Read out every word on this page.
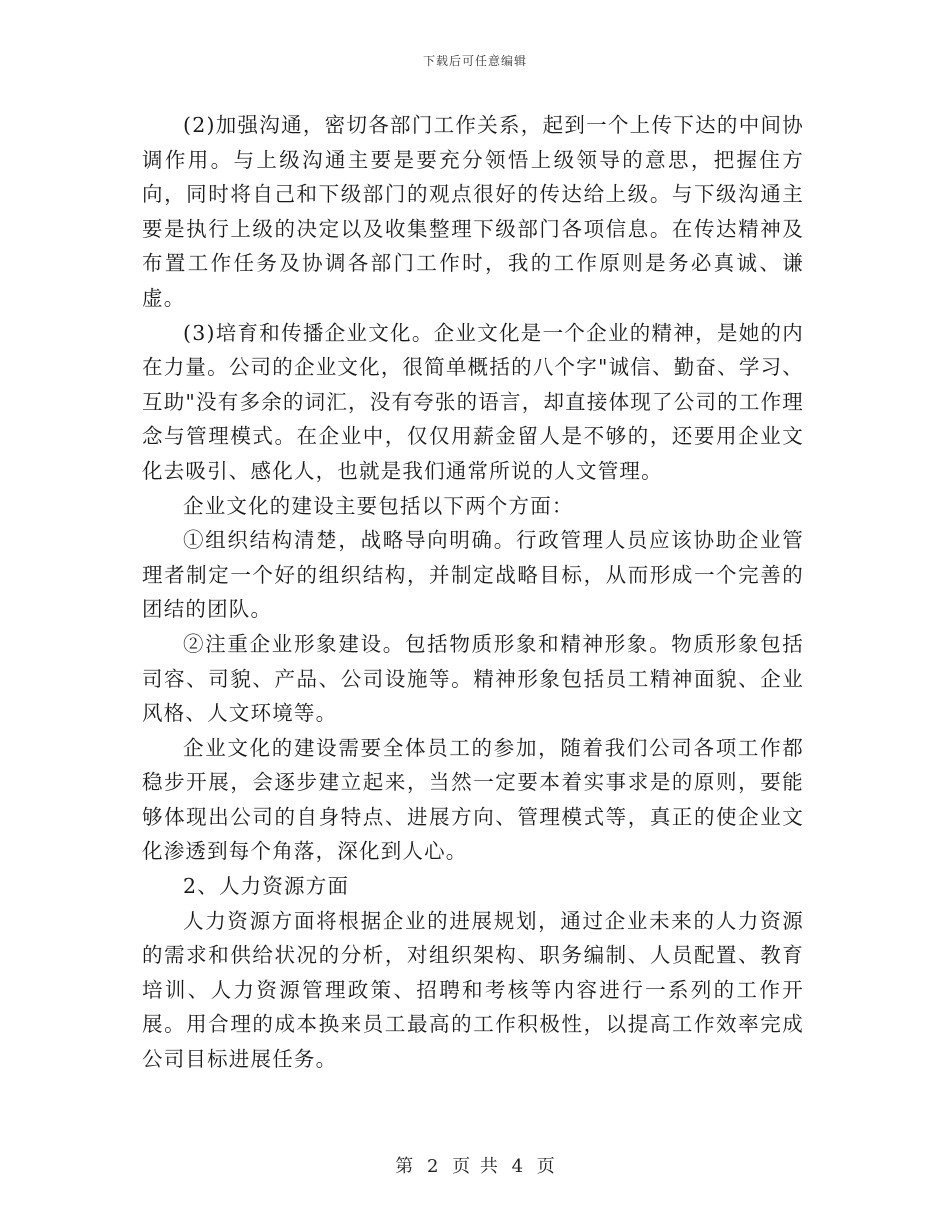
下载后可任意编辑

(2)加强沟通，密切各部门工作关系，起到一个上传下达的中间协调作用。与上级沟通主要是要充分领悟上级领导的意思，把握住方向，同时将自己和下级部门的观点很好的传达给上级。与下级沟通主要是执行上级的决定以及收集整理下级部门各项信息。在传达精神及布置工作任务及协调各部门工作时，我的工作原则是务必真诚、谦虚。

(3)培育和传播企业文化。企业文化是一个企业的精神，是她的内在力量。公司的企业文化，很简单概括的八个字"诚信、勤奋、学习、互助"没有多余的词汇，没有夸张的语言，却直接体现了公司的工作理念与管理模式。在企业中，仅仅用薪金留人是不够的，还要用企业文化去吸引、感化人，也就是我们通常所说的人文管理。

企业文化的建设主要包括以下两个方面：

①组织结构清楚，战略导向明确。行政管理人员应该协助企业管理者制定一个好的组织结构，并制定战略目标，从而形成一个完善的团结的团队。

②注重企业形象建设。包括物质形象和精神形象。物质形象包括司容、司貌、产品、公司设施等。精神形象包括员工精神面貌、企业风格、人文环境等。

企业文化的建设需要全体员工的参加，随着我们公司各项工作都稳步开展，会逐步建立起来，当然一定要本着实事求是的原则，要能够体现出公司的自身特点、进展方向、管理模式等，真正的使企业文化渗透到每个角落，深化到人心。

2、人力资源方面

人力资源方面将根据企业的进展规划，通过企业未来的人力资源的需求和供给状况的分析，对组织架构、职务编制、人员配置、教育培训、人力资源管理政策、招聘和考核等内容进行一系列的工作开展。用合理的成本换来员工最高的工作积极性，以提高工作效率完成公司目标进展任务。

第 2 页 共 4 页
